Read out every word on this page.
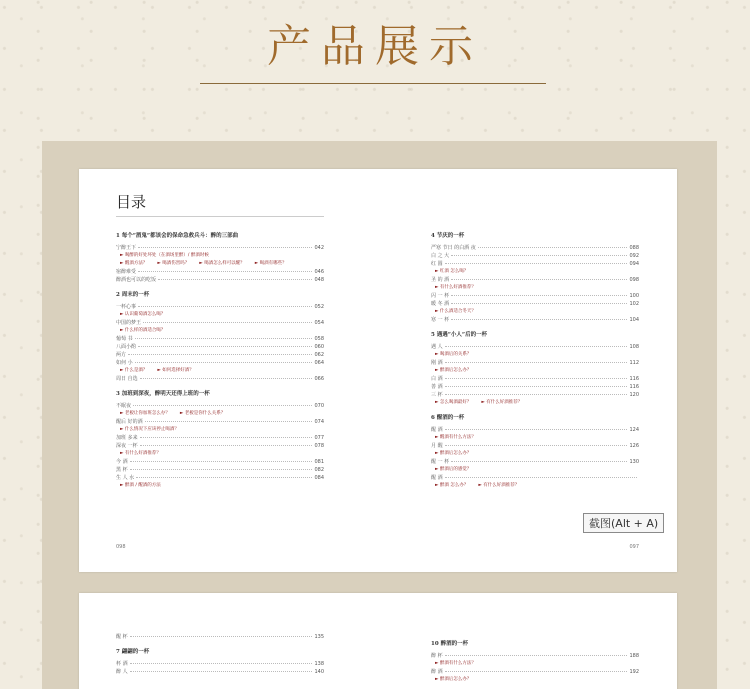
产品展示
目录
1 每个“酒鬼”都该会的保命急救兵斗：醉的三部曲
宁醉王下	042
► 喝醉的好处坏处（在酒场里醉）/ 醉酒时候
► 醒酒方法？ ► 喝酒伤害吗？ ► 喝酒怎么样可以醒？ ► 喝酒有哪些？
宿醉难受	046
醉酒也可以的吃饭	048
2 周末的一杯
一杯心事	052
► 认识葡萄酒怎么喝？
中国的梦王	054
► 什么样的酒适合喝？
葡萄 书	058
八面小酌	060
两方	062
如何 小	064
► 什么是酒？ ► 如何选择好酒？
周日 自选	066
3 加班到深夜，醉明天还得上班的一杯
不眠夜	070
► 老板让你加班怎么办？ ► 老板是你什么关系？
醒后 好的酒	074
► 什么情况下应该停止喝酒？
加班 多来	077
深夜 一杯	078
► 有什么好酒推荐？
今 酒	081
黑 杯	082
生 人 水	084
► 醉酒 / 醒酒的方法
4 节庆的一杯
严寒 节日 的白酒 夜	088
白 之 大	092
红 圆	094
► 红酒 怎么喝？
圣 的 酒	098
► 有什么好酒推荐？
闪 一 杯	100
暖 冬 酒	102
► 什么酒适合冬天？
寒 一 杯	104
5 遇遇“小人”后的一杯
遇 人	108
► 喝酒后的关系？
刚 酒	112
► 醉酒后怎么办？
白 酒	116
善 酒	116
三 杯	120
► 怎么喝酒最好？ ► 有什么好酒推荐？
6 醒酒的一杯
醒 酒	124
► 醒酒有什么方法？
月 醒	126
► 醉酒后怎么办？
醒 一 杯	130
► 醉酒后的感觉？
醒 酒
► 醉酒 怎么办？ ► 有什么好酒推荐？
098	097
醒 杯	135
7 翩翩的一杯
杯 酒	138
醉 人	140
10 醉酒的一杯
醉 杯	188
► 醉酒有什么方法？
醉 酒	192
► 醉酒后怎么办？
截图(Alt + A)
